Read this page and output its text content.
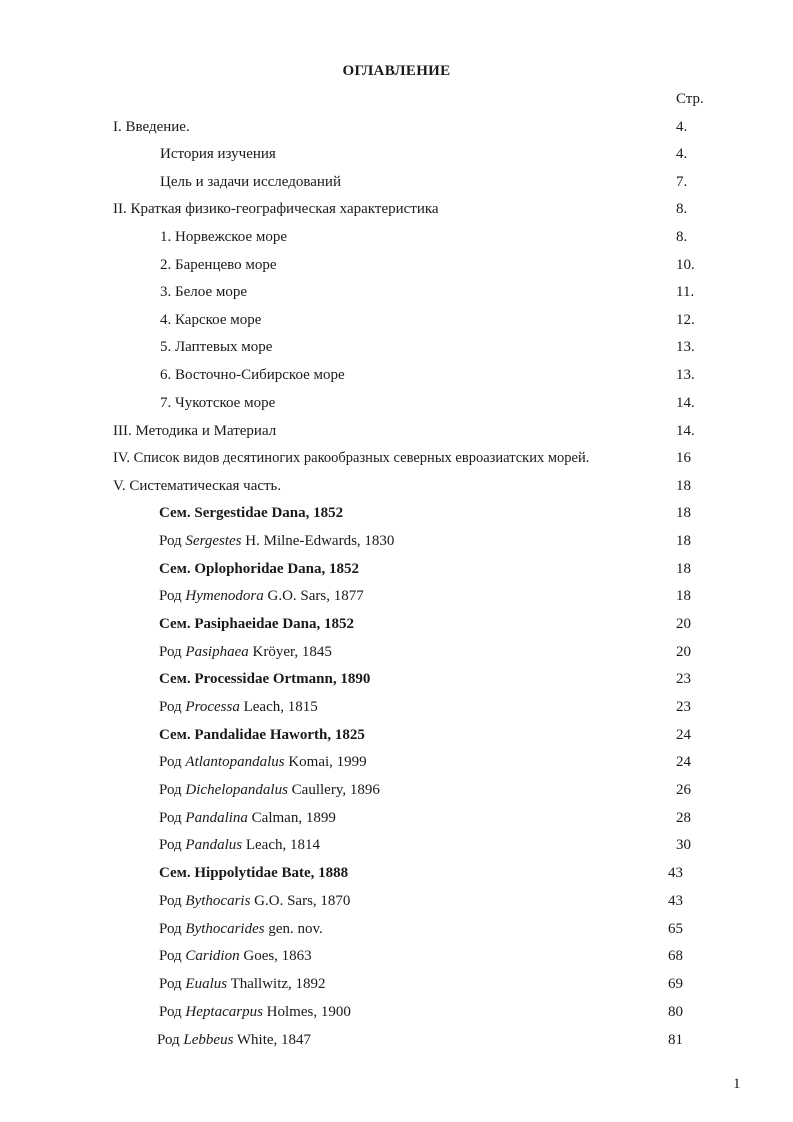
ОГЛАВЛЕНИЕ
Стр.
I. Введение.	4.
История изучения	4.
Цель и задачи исследований	7.
II. Краткая физико-географическая характеристика	8.
1. Норвежское море	8.
2. Баренцево море	10.
3. Белое море	11.
4. Карское море	12.
5. Лаптевых море	13.
6. Восточно-Сибирское море	13.
7. Чукотское море	14.
III. Методика и Материал	14.
IV. Список видов десятиногих ракообразных северных евроазиатских морей.	16
V. Систематическая часть.	18
Сем. Sergestidae Dana, 1852	18
Род Sergestes H. Milne-Edwards, 1830	18
Сем. Oplophoridae Dana, 1852	18
Род Hymenodora G.O. Sars, 1877	18
Сем. Pasiphaeidae Dana, 1852	20
Род Pasiphaea Kröyer, 1845	20
Сем. Processidae Ortmann, 1890	23
Род Processa Leach, 1815	23
Сем. Pandalidae Haworth, 1825	24
Род Atlantopandalus Komai, 1999	24
Род Dichelopandalus Caullery, 1896	26
Род Pandalina Calman, 1899	28
Род Pandalus Leach, 1814	30
Сем. Hippolytidae Bate, 1888	43
Род Bythocaris G.O. Sars, 1870	43
Род Bythocarides gen. nov.	65
Род Caridion Goes, 1863	68
Род Eualus Thallwitz, 1892	69
Род Heptacarpus Holmes, 1900	80
Род Lebbeus White, 1847	81
1
